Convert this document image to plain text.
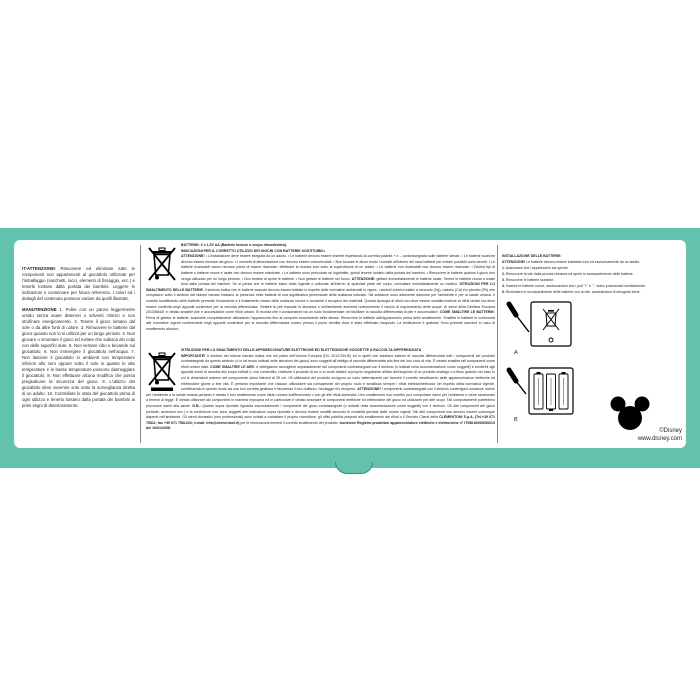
IT-ATTENZIONE! Rimuovere ed eliminare tutte le componenti non appartenenti al giocattolo utilizzate per l'imballaggio (sacchetti, lacci, elementi di fissaggio, ecc.) e tenerle lontane dalla portata dei bambini. Leggere le indicazioni e conservare per futura referenza. I colori ed i dettagli del contenuto possono variare da quelli illustrati.

MANUTENZIONE 1. Pulire con un panno leggermente umido senza usare detersivi o solventi chimici e non strofinare energicamente. 2. Tenere il gioco lontano dal sole o da altre fonti di calore. 3. Rimuovere le batterie dal gioco quando non lo si utilizza per un lungo periodo. 4. Non giocare o smontare il gioco ed evitare che subisca dei colpi con delle superfici dure. 5. Non versare cibo e bevande sul giocattolo. 6. Non immergere il giocattolo nell'acqua. 7. Non lasciare il giocattolo in ambienti con temperature inferiori allo zero oppure sotto il sole in quanto le alte temperature e le basse temperature possono danneggiare il giocattolo. 8. Non effettuare alcuna modifica che possa pregiudicare la sicurezza del gioco. 9. L'utilizzo del giocattolo deve avvenire solo sotto la sorveglianza diretta di un adulto. 10. Controllare lo stato del giocattolo prima di ogni utilizzo e tenerlo lontano dalla portata dei bambini ai primi segni di deterioramento.

BATTERIE: 3 x 1,5V AA (Batterie incluse a scopo dimostrativo).
INDICAZIONI PER IL CORRETTO UTILIZZO DEI GIOCHI CON BATTERIE SOSTITUIBILI
ATTENZIONE! • L'installazione deve essere eseguita da un adulto. • Le batterie devono essere inserite rispettando la corretta polarità + e – contrassegnata sulle batterie stesse. • Le batterie scariche devono essere rimosse dal gioco. • I morsetti di alimentazione non devono essere cortocircuitati. • Non toccare in alcun modo i contatti all'interno del vano batterie per evitare possibili corto-circuiti. • Le batterie ricaricabili vanno rimosse prima di essere ricaricate, effettuare la ricarica solo sotto la supervisione di un adulto. • Le batterie non ricaricabili non devono essere ricaricate. • Diversi tipi di batterie o batterie nuove e usate non devono essere mischiate. • Le batterie sono pericolose se inghiottite, quindi tenerle lontano dalla portata dei bambini. • Rimuovere le batterie qualora il gioco non venga utilizzato per un lungo periodo. • Non tentare di aprire le batterie. • Non gettare le batterie nel fuoco. ATTENZIONE: gettare immediatamente le batterie usate. Tenere le batterie nuove e usate fuori dalla portata dei bambini. Se si pensa che le batterie siano state ingerite o collocate all'interno di qualsiasi parte del corpo, consultare immediatamente un medico. ISTRUZIONI PER LO SMALTIMENTO DELLE BATTERIE. Il simbolo indica che le batterie esauste devono essere trattate in rispetto delle normative ambientali in vigore. I simboli chimici relativi a mercurio (Hg), cadmio (Cd) e/o piombo (Pb) che compaiono sotto il simbolo del bidone barrato indicano la presenza nella batteria di una significativa percentuale della sostanza indicata. Tali sostanze sono altamente dannose per l'ambiente e per la salute umana. Il corretto smaltimento delle batterie permette l'isolamento e il trattamento mirato delle sostanze nocive e consente il recupero dei materiali. Questa tipologia di rifiuti non deve essere smaltita insieme ai rifiuti urbani ma deve essere conferita negli appositi contenitori per la raccolta differenziata. Gettare le pile esauste in discarica o nell'ambiente aumenta notevolmente il rischio di inquinamento delle acque. Ai sensi della Direttiva Europea 2013/56/UE è vietato smaltire pile e accumulatori come rifiuti urbani. Si ricorda che il consumatore ha un ruolo fondamentale nel facilitare la raccolta differenziata di pile e accumulatori. COME SMALTIRE LE BATTERIE: Prima di gettare le batterie, scaricarle completamente utilizzando l'apparecchio fino al completo esaurimento delle stesse. Rimuovere le batterie dall'apparecchio prima dello smaltimento. Smaltire le batterie in conformità alle normative vigenti conferendole negli appositi contenitori per la raccolta differenziata ovvero presso il punto vendita dove è stato effettuato l'acquisto. La restituzione è gratuita! Sono previste sanzioni in caso di smaltimento abusivo.

ISTRUZIONI PER LO SMALTIMENTO DELLE APPARECCHIATURE ELETTRICHE ED ELETTRONICHE SOGGETTE A RACCOLTA DIFFERENZIATA
IMPORTANTE! Il simbolo del bidone barrato indica che nei paesi dell'Unione Europea (Dir. 2012/19/UE) ed in quelli che adottano sistemi di raccolta differenziata tutti i componenti del prodotto contrassegnati da questo simbolo (o in tal modo indicati nelle istruzioni del gioco) sono soggetti all'obbligo di raccolta differenziata alla fine del loro ciclo di vita. È vietato smaltire tali componenti come rifiuti urbani misti. COME SMALTIRE LE AEE: è obbligatorio raccogliere separatamente tali componenti contrassegnati con il simbolo (o indicati nella documentazione come soggetti) e conferirli agli appositi centri di raccolta allo scopo istituiti o, ove consentito, restituire il prodotto di cui ci si vuole disfare al proprio negoziante all'atto dell'acquisto di un prodotto analogo o a titolo gratuito nel caso in cui le dimensioni esterne del componente siano inferiori ai 25 cm. Gli utilizzatori del prodotto svolgono un ruolo determinante per favorire il corretto smaltimento delle apparecchiature elettriche ed elettroniche giunte a fine vita. È pertanto importante che ciascun utilizzatore sia consapevole del proprio ruolo e smaltisca sempre i rifiuti elettrici/elettronici nel rispetto della normativa vigente, contribuendo in questo modo ad una loro corretta gestione e favorendo il loro riutilizzo, riciclaggio e/o recupero. ATTENZIONE! I componenti contrassegnati con il simbolo contengono sostanze nocive per l'ambiente e la salute umana pertanto è vietato il loro smaltimento come rifiuto urbano indifferenziato o con gli altri rifiuti domestici. Uno smaltimento non corretto può comportare danni per l'ambiente e viene sanzionato a termini di legge. È vietato utilizzare tali componenti in maniera impropria ed in particolare è vietato smontare le componenti elettriche ed elettroniche del gioco ed utilizzarle per altri scopi. Tali comportamenti potrebbero provocare danni alla salute. N.B.: Quanto sopra riportato riguarda esclusivamente i componenti del gioco contrassegnati (o indicati nella documentazione come soggetti) con il simbolo. Gli altri componenti del gioco (schede, accessori ecc.) e la confezione non sono soggetti alle indicazioni sopra riportate e devono essere smaltiti secondo le modalità previste dalle norme vigenti. Tali altri componenti non devono essere comunque dispersi nell'ambiente. Gli utenti domestici (non professionali) sono invitati a contattare il proprio rivenditore, gli uffici pubblici preposti allo smaltimento dei rifiuti o il Servizio Clienti della CLEMENTONI S.p.A. (Tel.+39 071 75811; fax +39 071 7581234; e-mail: info@clementoni.it) per le informazioni inerenti il corretto smaltimento del prodotto. Iscrizione Registro produttori apparecchiature elettriche e elettroniche n° IT08010000000019 del 10/01/2008.

INSTALLAZIONE DELLE BATTERIE:
ATTENZIONE! Le batterie devono essere installate solo ed esclusivamente da un adulto.
1. Assicurarsi che l'apparecchio sia spento.
2. Rimuovere la vite dalla piccola chiusura ed aprire lo scompartimento delle batterie.
3. Rimuovere le batterie scariche.
4. Inserire le batterie nuove, assicurandosi che i poli "+" e "-" siano posizionati correttamente.
5. Richiudere lo scompartimento delle batterie con la vite, accertandosi di stringerla bene.
A
B
©Disney
www.disney.com
